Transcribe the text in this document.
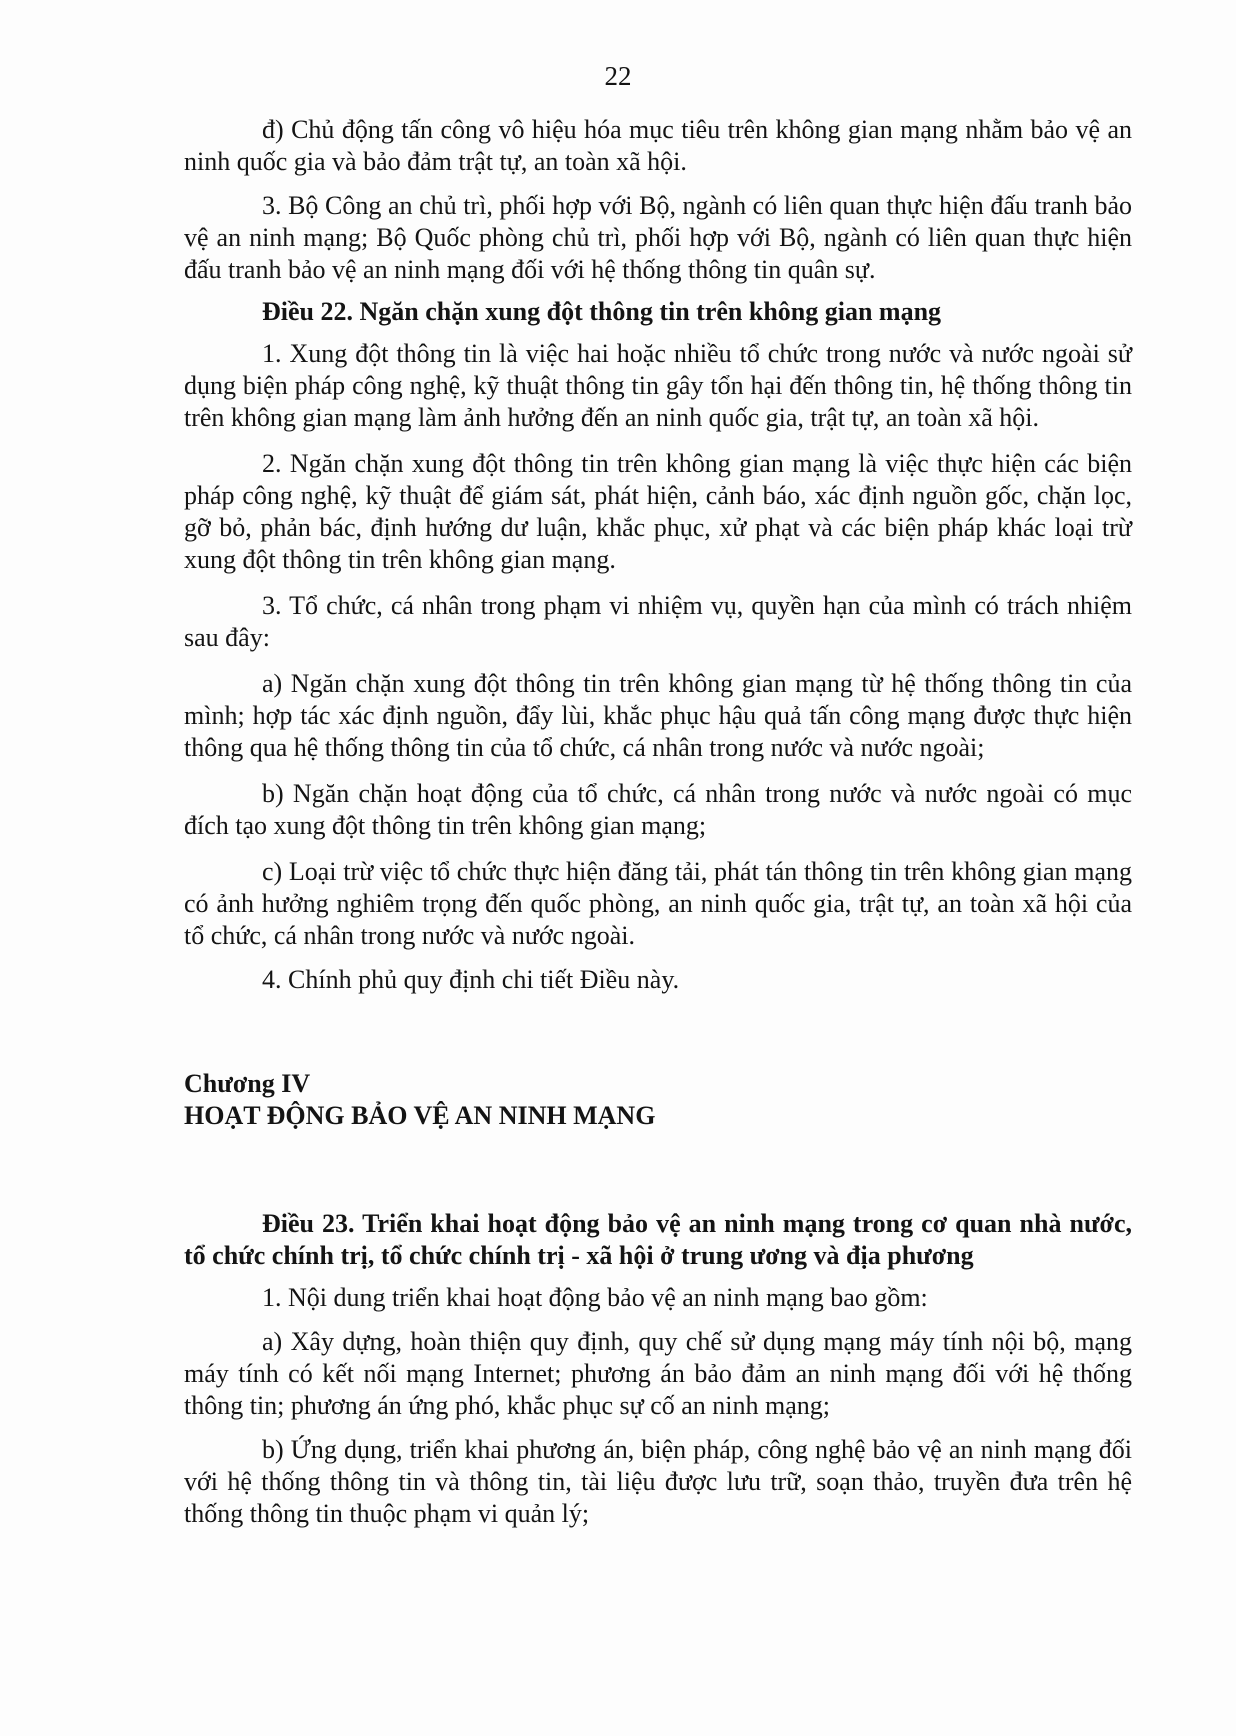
22

đ) Chủ động tấn công vô hiệu hóa mục tiêu trên không gian mạng nhằm bảo vệ an ninh quốc gia và bảo đảm trật tự, an toàn xã hội.

3. Bộ Công an chủ trì, phối hợp với Bộ, ngành có liên quan thực hiện đấu tranh bảo vệ an ninh mạng; Bộ Quốc phòng chủ trì, phối hợp với Bộ, ngành có liên quan thực hiện đấu tranh bảo vệ an ninh mạng đối với hệ thống thông tin quân sự.

Điều 22. Ngăn chặn xung đột thông tin trên không gian mạng

1. Xung đột thông tin là việc hai hoặc nhiều tổ chức trong nước và nước ngoài sử dụng biện pháp công nghệ, kỹ thuật thông tin gây tổn hại đến thông tin, hệ thống thông tin trên không gian mạng làm ảnh hưởng đến an ninh quốc gia, trật tự, an toàn xã hội.

2. Ngăn chặn xung đột thông tin trên không gian mạng là việc thực hiện các biện pháp công nghệ, kỹ thuật để giám sát, phát hiện, cảnh báo, xác định nguồn gốc, chặn lọc, gỡ bỏ, phản bác, định hướng dư luận, khắc phục, xử phạt và các biện pháp khác loại trừ xung đột thông tin trên không gian mạng.

3. Tổ chức, cá nhân trong phạm vi nhiệm vụ, quyền hạn của mình có trách nhiệm sau đây:

a) Ngăn chặn xung đột thông tin trên không gian mạng từ hệ thống thông tin của mình; hợp tác xác định nguồn, đẩy lùi, khắc phục hậu quả tấn công mạng được thực hiện thông qua hệ thống thông tin của tổ chức, cá nhân trong nước và nước ngoài;

b) Ngăn chặn hoạt động của tổ chức, cá nhân trong nước và nước ngoài có mục đích tạo xung đột thông tin trên không gian mạng;

c) Loại trừ việc tổ chức thực hiện đăng tải, phát tán thông tin trên không gian mạng có ảnh hưởng nghiêm trọng đến quốc phòng, an ninh quốc gia, trật tự, an toàn xã hội của tổ chức, cá nhân trong nước và nước ngoài.

4. Chính phủ quy định chi tiết Điều này.

Chương IV

HOẠT ĐỘNG BẢO VỆ AN NINH MẠNG

Điều 23. Triển khai hoạt động bảo vệ an ninh mạng trong cơ quan nhà nước, tổ chức chính trị, tổ chức chính trị - xã hội ở trung ương và địa phương

1. Nội dung triển khai hoạt động bảo vệ an ninh mạng bao gồm:

a) Xây dựng, hoàn thiện quy định, quy chế sử dụng mạng máy tính nội bộ, mạng máy tính có kết nối mạng Internet; phương án bảo đảm an ninh mạng đối với hệ thống thông tin; phương án ứng phó, khắc phục sự cố an ninh mạng;

b) Ứng dụng, triển khai phương án, biện pháp, công nghệ bảo vệ an ninh mạng đối với hệ thống thông tin và thông tin, tài liệu được lưu trữ, soạn thảo, truyền đưa trên hệ thống thông tin thuộc phạm vi quản lý;
